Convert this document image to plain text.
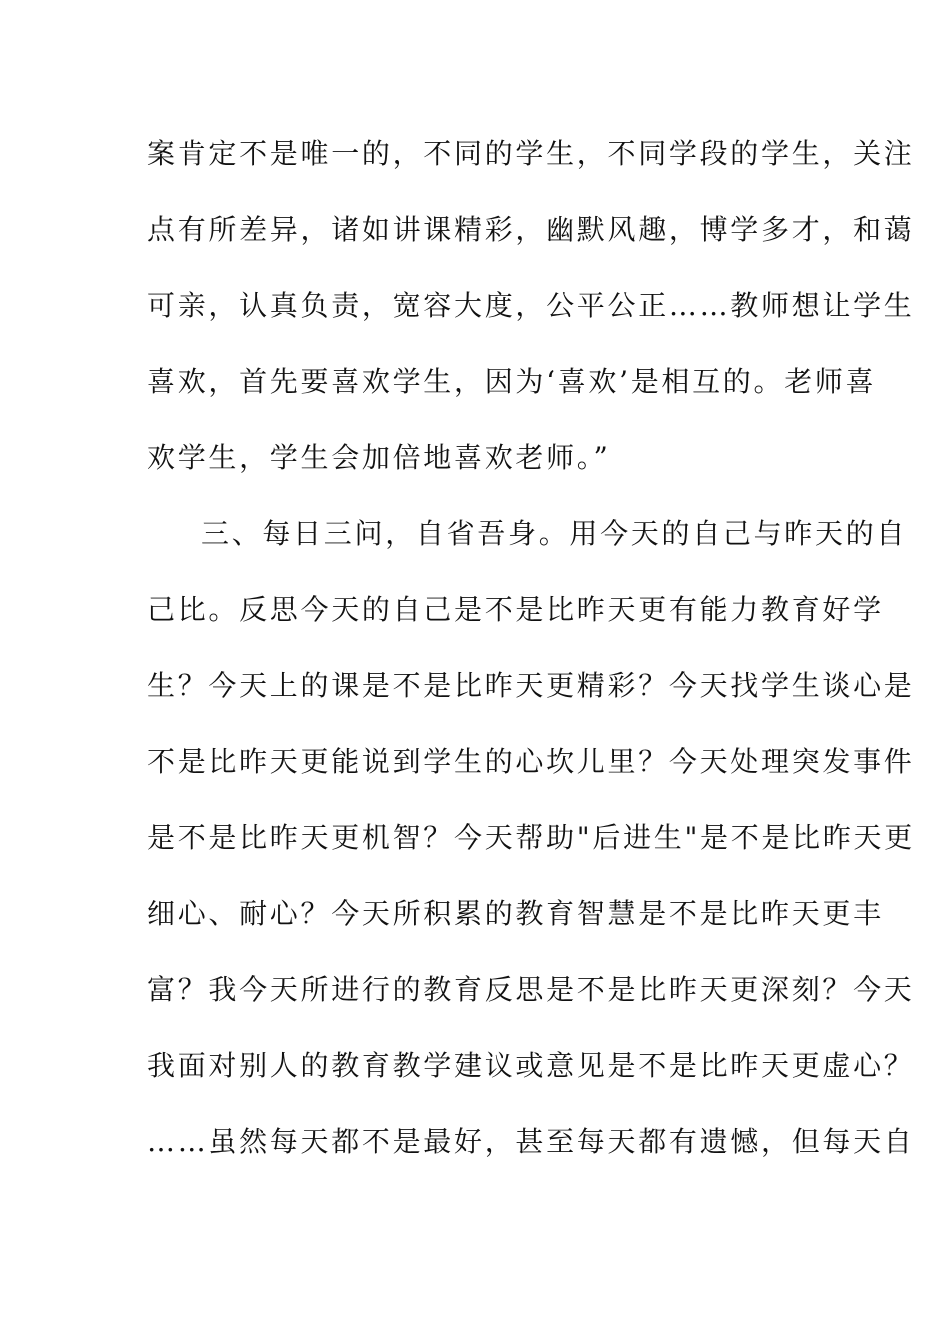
案肯定不是唯一的，不同的学生，不同学段的学生，关注
点有所差异，诸如讲课精彩，幽默风趣，博学多才，和蔼
可亲，认真负责，宽容大度，公平公正……教师想让学生
喜欢，首先要喜欢学生，因为‘喜欢’是相互的。老师喜
欢学生，学生会加倍地喜欢老师。”
三、每日三问，自省吾身。用今天的自己与昨天的自
己比。反思今天的自己是不是比昨天更有能力教育好学
生？今天上的课是不是比昨天更精彩？今天找学生谈心是
不是比昨天更能说到学生的心坎儿里？今天处理突发事件
是不是比昨天更机智？今天帮助"后进生"是不是比昨天更
细心、耐心？今天所积累的教育智慧是不是比昨天更丰
富？我今天所进行的教育反思是不是比昨天更深刻？今天
我面对别人的教育教学建议或意见是不是比昨天更虚心？
……虽然每天都不是最好，甚至每天都有遗憾，但每天自
